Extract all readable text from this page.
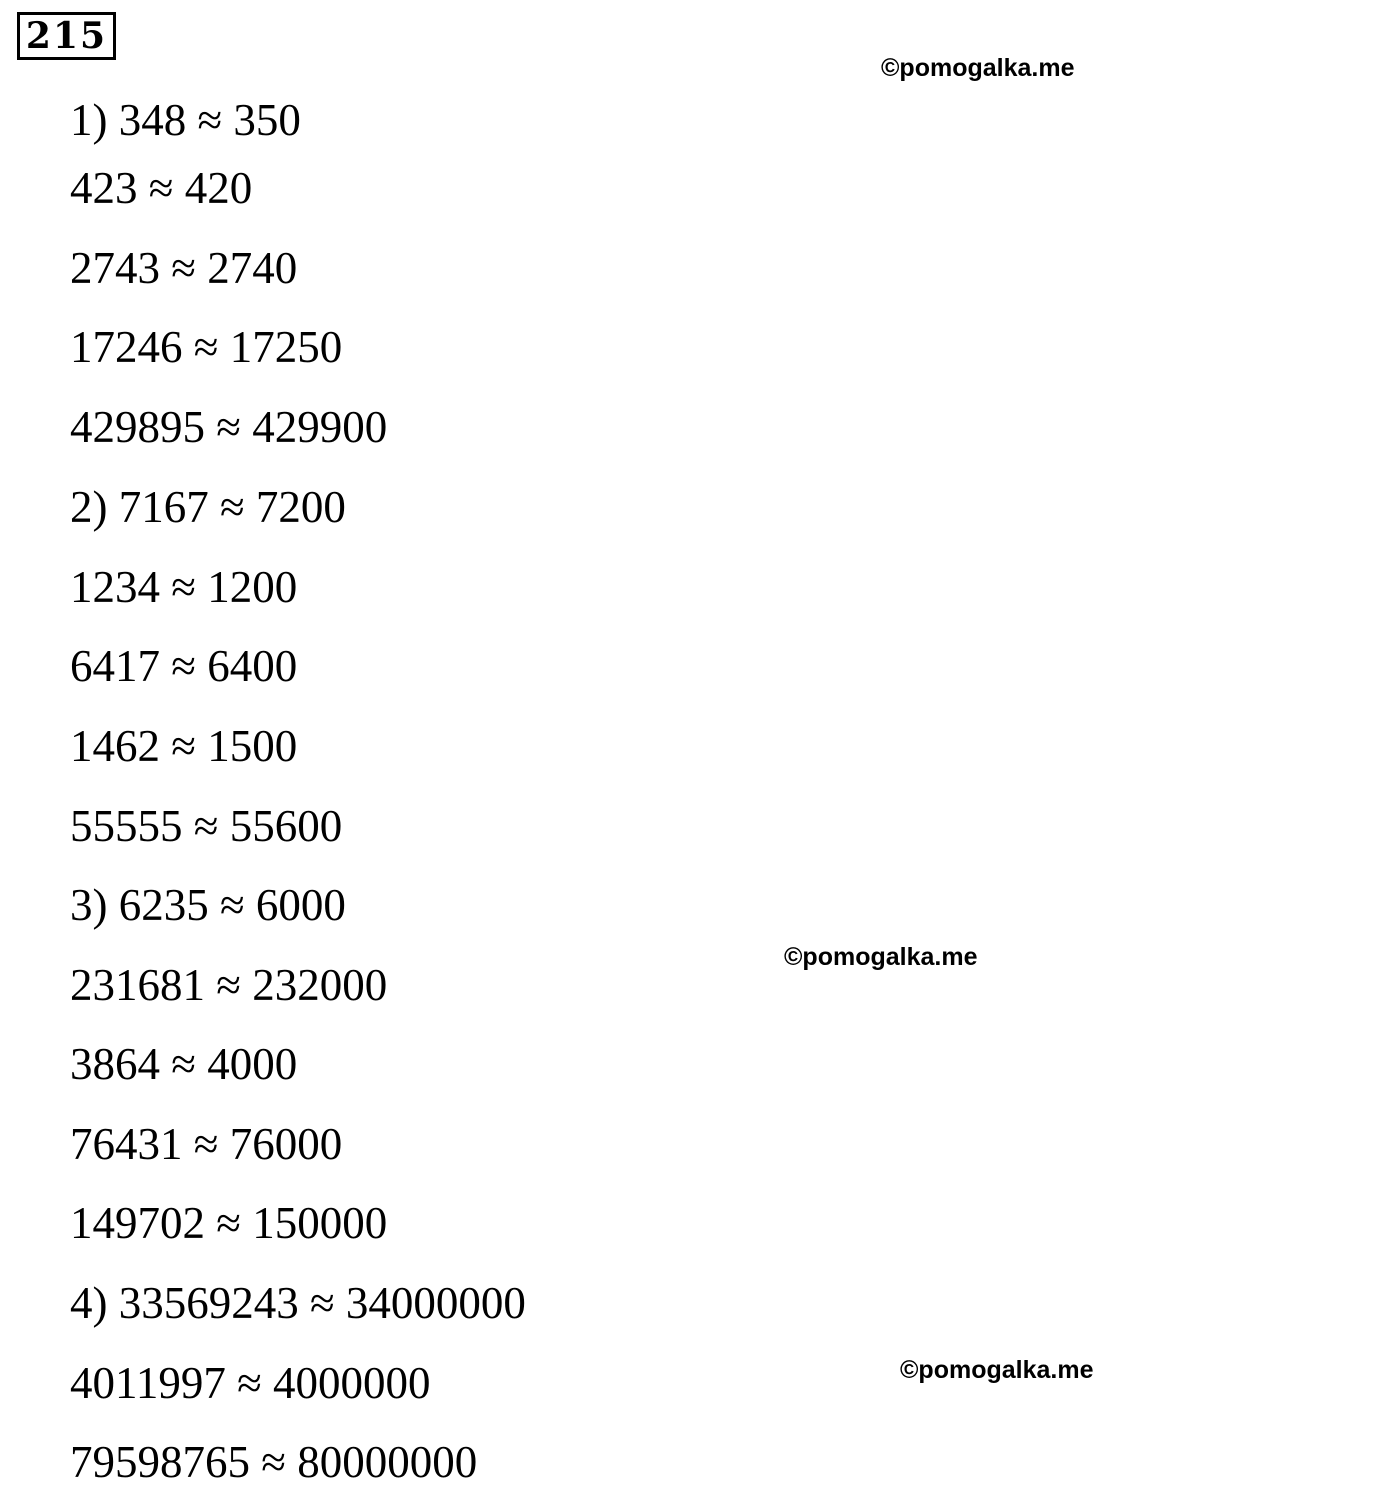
215
©pomogalka.me
©pomogalka.me
©pomogalka.me
1) 348 ≈ 350
423 ≈ 420
2743 ≈ 2740
17246 ≈ 17250
429895 ≈ 429900
2) 7167 ≈ 7200
1234 ≈ 1200
6417 ≈ 6400
1462 ≈ 1500
55555 ≈ 55600
3) 6235 ≈ 6000
231681 ≈ 232000
3864 ≈ 4000
76431 ≈ 76000
149702 ≈ 150000
4) 33569243 ≈ 34000000
4011997 ≈ 4000000
79598765 ≈ 80000000
